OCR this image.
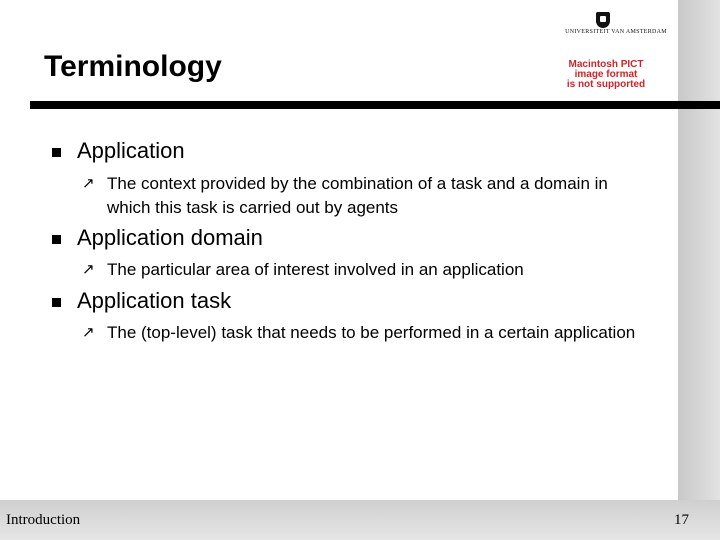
UNIVERSITEIT VAN AMSTERDAM
Macintosh PICT
image format
is not supported
Terminology
Application
↗ The context provided by the combination of a task and a domain in which this task is carried out by agents
Application domain
↗ The particular area of interest involved in an application
Application task
↗ The (top-level) task that needs to be performed in a certain application
Introduction	17
